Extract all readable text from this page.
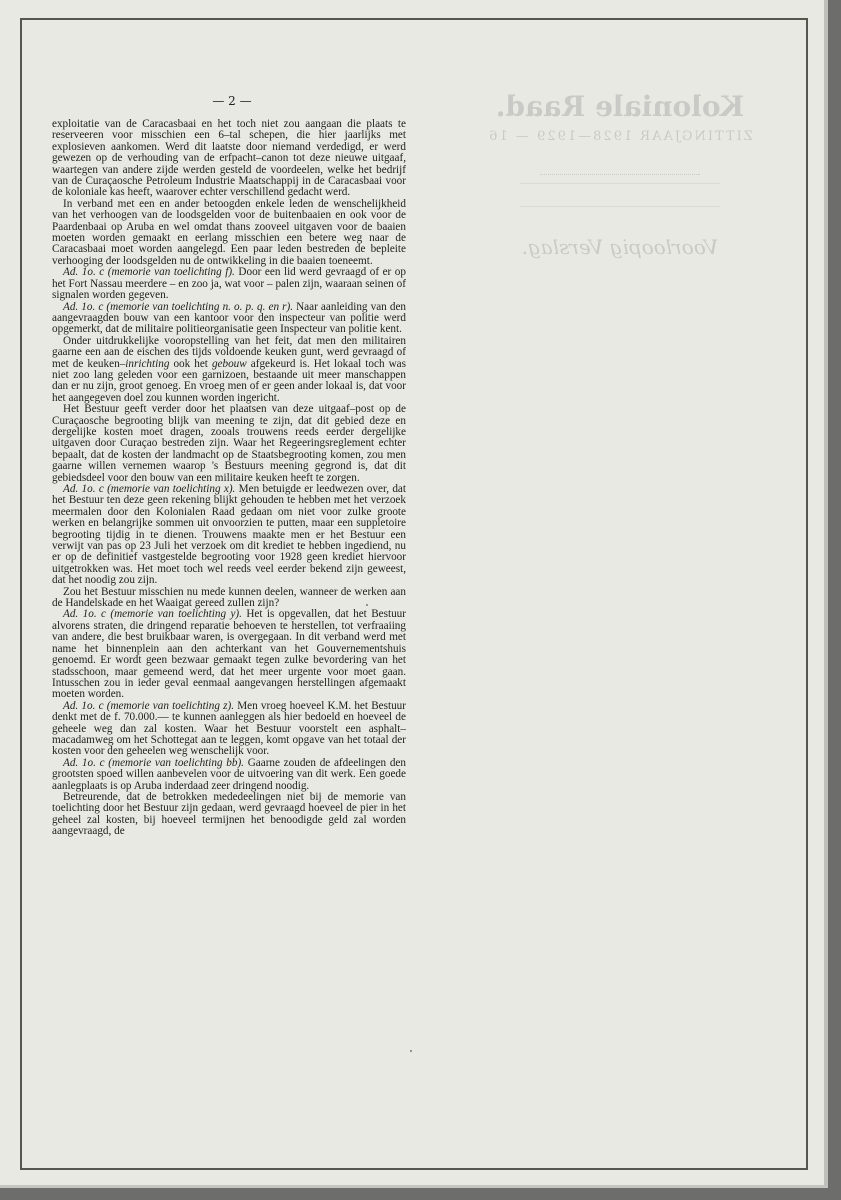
Koloniale Raad.
ZITTINGJAAR 1928—1929 — 16
Voorloopig Verslag.
— 2 —

exploitatie van de Caracasbaai en het toch niet zou aangaan die plaats te reserveeren voor misschien een 6–tal schepen, die hier jaarlijks met explosieven aankomen. Werd dit laatste door niemand verdedigd, er werd gewezen op de verhouding van de erfpacht–canon tot deze nieuwe uitgaaf, waartegen van andere zijde werden gesteld de voordeelen, welke het bedrijf van de Curaçaosche Petroleum Industrie Maatschappij in de Caracasbaai voor de koloniale kas heeft, waarover echter verschillend gedacht werd.

In verband met een en ander betoogden enkele leden de wenschelijkheid van het verhoogen van de loodsgelden voor de buitenbaaien en ook voor de Paardenbaai op Aruba en wel omdat thans zooveel uitgaven voor de baaien moeten worden gemaakt en eerlang misschien een betere weg naar de Caracasbaai moet worden aangelegd. Een paar leden bestreden de bepleite verhooging der loodsgelden nu de ontwikkeling in die baaien toeneemt.

Ad. 1o. c (memorie van toelichting f). Door een lid werd gevraagd of er op het Fort Nassau meerdere – en zoo ja, wat voor – palen zijn, waaraan seinen of signalen worden gegeven.

Ad. 1o. c (memorie van toelichting n. o. p. q. en r). Naar aanleiding van den aangevraagden bouw van een kantoor voor den inspecteur van politie werd opgemerkt, dat de militaire politieorganisatie geen Inspecteur van politie kent.

Onder uitdrukkelijke vooropstelling van het feit, dat men den militairen gaarne een aan de eischen des tijds voldoende keuken gunt, werd gevraagd of met de keuken–inrichting ook het gebouw afgekeurd is. Het lokaal toch was niet zoo lang geleden voor een garnizoen, bestaande uit meer manschappen dan er nu zijn, groot genoeg. En vroeg men of er geen ander lokaal is, dat voor het aangegeven doel zou kunnen worden ingericht.

Het Bestuur geeft verder door het plaatsen van deze uitgaaf–post op de Curaçaosche begrooting blijk van meening te zijn, dat dit gebied deze en dergelijke kosten moet dragen, zooals trouwens reeds eerder dergelijke uitgaven door Curaçao bestreden zijn. Waar het Regeeringsreglement echter bepaalt, dat de kosten der landmacht op de Staatsbegrooting komen, zou men gaarne willen vernemen waarop 's Bestuurs meening gegrond is, dat dit gebiedsdeel voor den bouw van een militaire keuken heeft te zorgen.

Ad. 1o. c (memorie van toelichting x). Men betuigde er leedwezen over, dat het Bestuur ten deze geen rekening blijkt gehouden te hebben met het verzoek meermalen door den Kolonialen Raad gedaan om niet voor zulke groote werken en belangrijke sommen uit onvoorzien te putten, maar een suppletoire begrooting tijdig in te dienen. Trouwens maakte men er het Bestuur een verwijt van pas op 23 Juli het verzoek om dit krediet te hebben ingediend, nu er op de definitief vastgestelde begrooting voor 1928 geen krediet hiervoor uitgetrokken was. Het moet toch wel reeds veel eerder bekend zijn geweest, dat het noodig zou zijn.

Zou het Bestuur misschien nu mede kunnen deelen, wanneer de werken aan de Handelskade en het Waaigat gereed zullen zijn?

Ad. 1o. c (memorie van toelichting y). Het is opgevallen, dat het Bestuur alvorens straten, die dringend reparatie behoeven te herstellen, tot verfraaiing van andere, die best bruikbaar waren, is overgegaan. In dit verband werd met name het binnenplein aan den achterkant van het Gouvernementshuis genoemd. Er wordt geen bezwaar gemaakt tegen zulke bevordering van het stadsschoon, maar gemeend werd, dat het meer urgente voor moet gaan. Intusschen zou in ieder geval eenmaal aangevangen herstellingen afgemaakt moeten worden.

Ad. 1o. c (memorie van toelichting z). Men vroeg hoeveel K.M. het Bestuur denkt met de f. 70.000.— te kunnen aanleggen als hier bedoeld en hoeveel de geheele weg dan zal kosten. Waar het Bestuur voorstelt een asphalt–macadamweg om het Schottegat aan te leggen, komt opgave van het totaal der kosten voor den geheelen weg wenschelijk voor.

Ad. 1o. c (memorie van toelichting bb). Gaarne zouden de afdeelingen den grootsten spoed willen aanbevelen voor de uitvoering van dit werk. Een goede aanlegplaats is op Aruba inderdaad zeer dringend noodig.

Betreurende, dat de betrokken mededeelingen niet bij de memorie van toelichting door het Bestuur zijn gedaan, werd gevraagd hoeveel de pier in het geheel zal kosten, bij hoeveel termijnen het benoodigde geld zal worden aangevraagd, de
